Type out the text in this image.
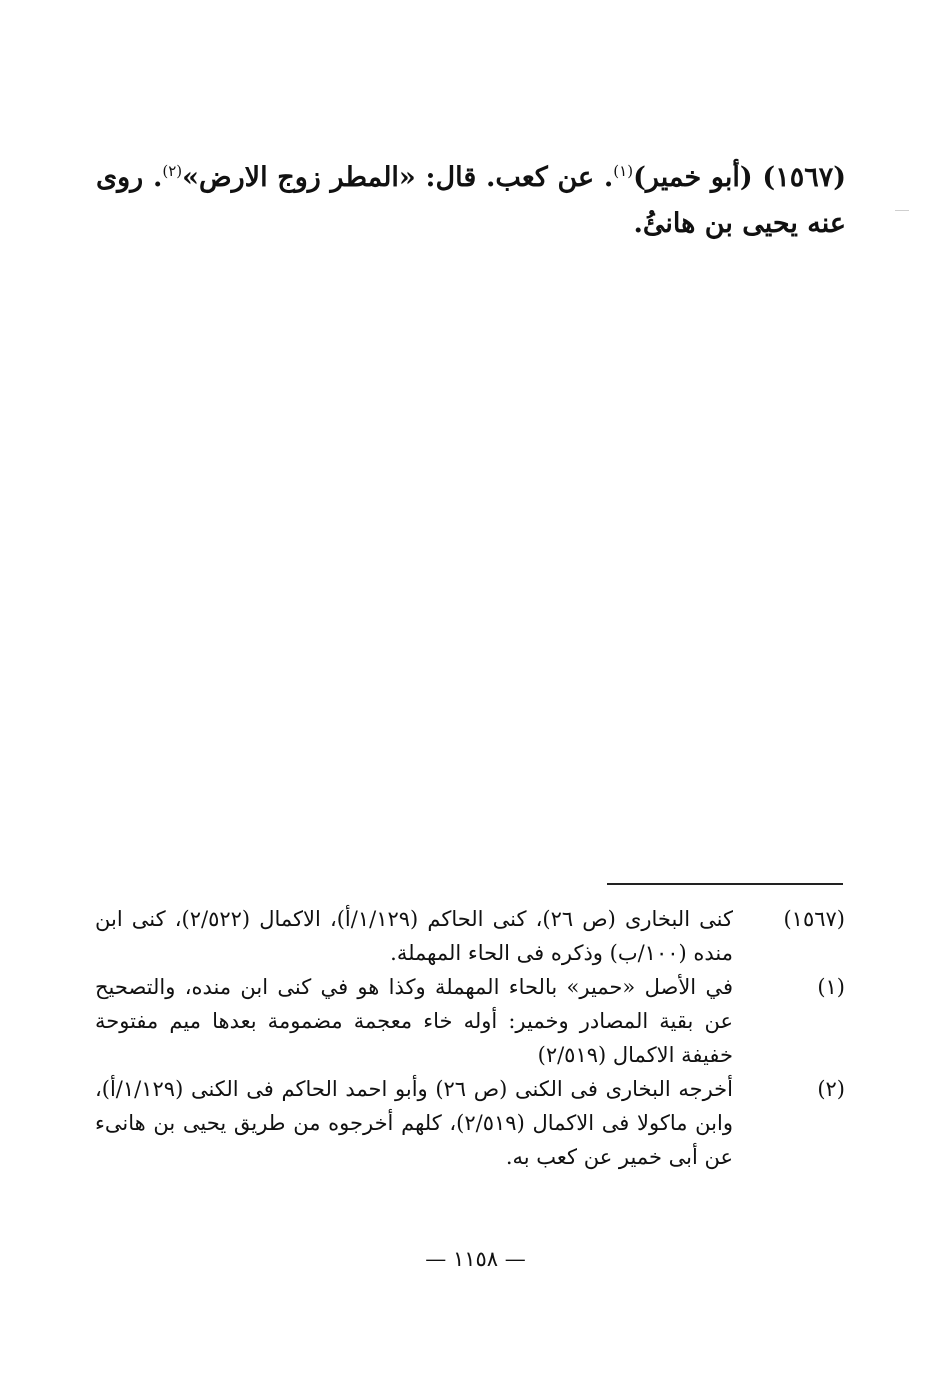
(١٥٦٧) (أبو خمير)$^{(١)}$. عن كعب. قال: «المطر زوج الارض»$^{(٢)}$. روى عنه يحيى بن هانئُ.

(١٥٦٧)
كنى البخارى (ص ٢٦)، كنى الحاكم (١/١٢٩/أ)، الاكمال (٢/٥٢٢)، كنى ابن منده (١٠٠/ب) وذكره فى الحاء المهملة.
(١)
في الأصل «حمير» بالحاء المهملة وكذا هو في كنى ابن منده، والتصحيح عن بقية المصادر وخمير: أوله خاء معجمة مضمومة بعدها ميم مفتوحة خفيفة الاكمال (٢/٥١٩)
(٢)
أخرجه البخارى فى الكنى (ص ٢٦) وأبو احمد الحاكم فى الكنى (١/١٢٩/أ)، وابن ماكولا فى الاكمال (٢/٥١٩)، كلهم أخرجوه من طريق يحيى بن هانىء عن أبى خمير عن كعب به.
— ١١٥٨ —
